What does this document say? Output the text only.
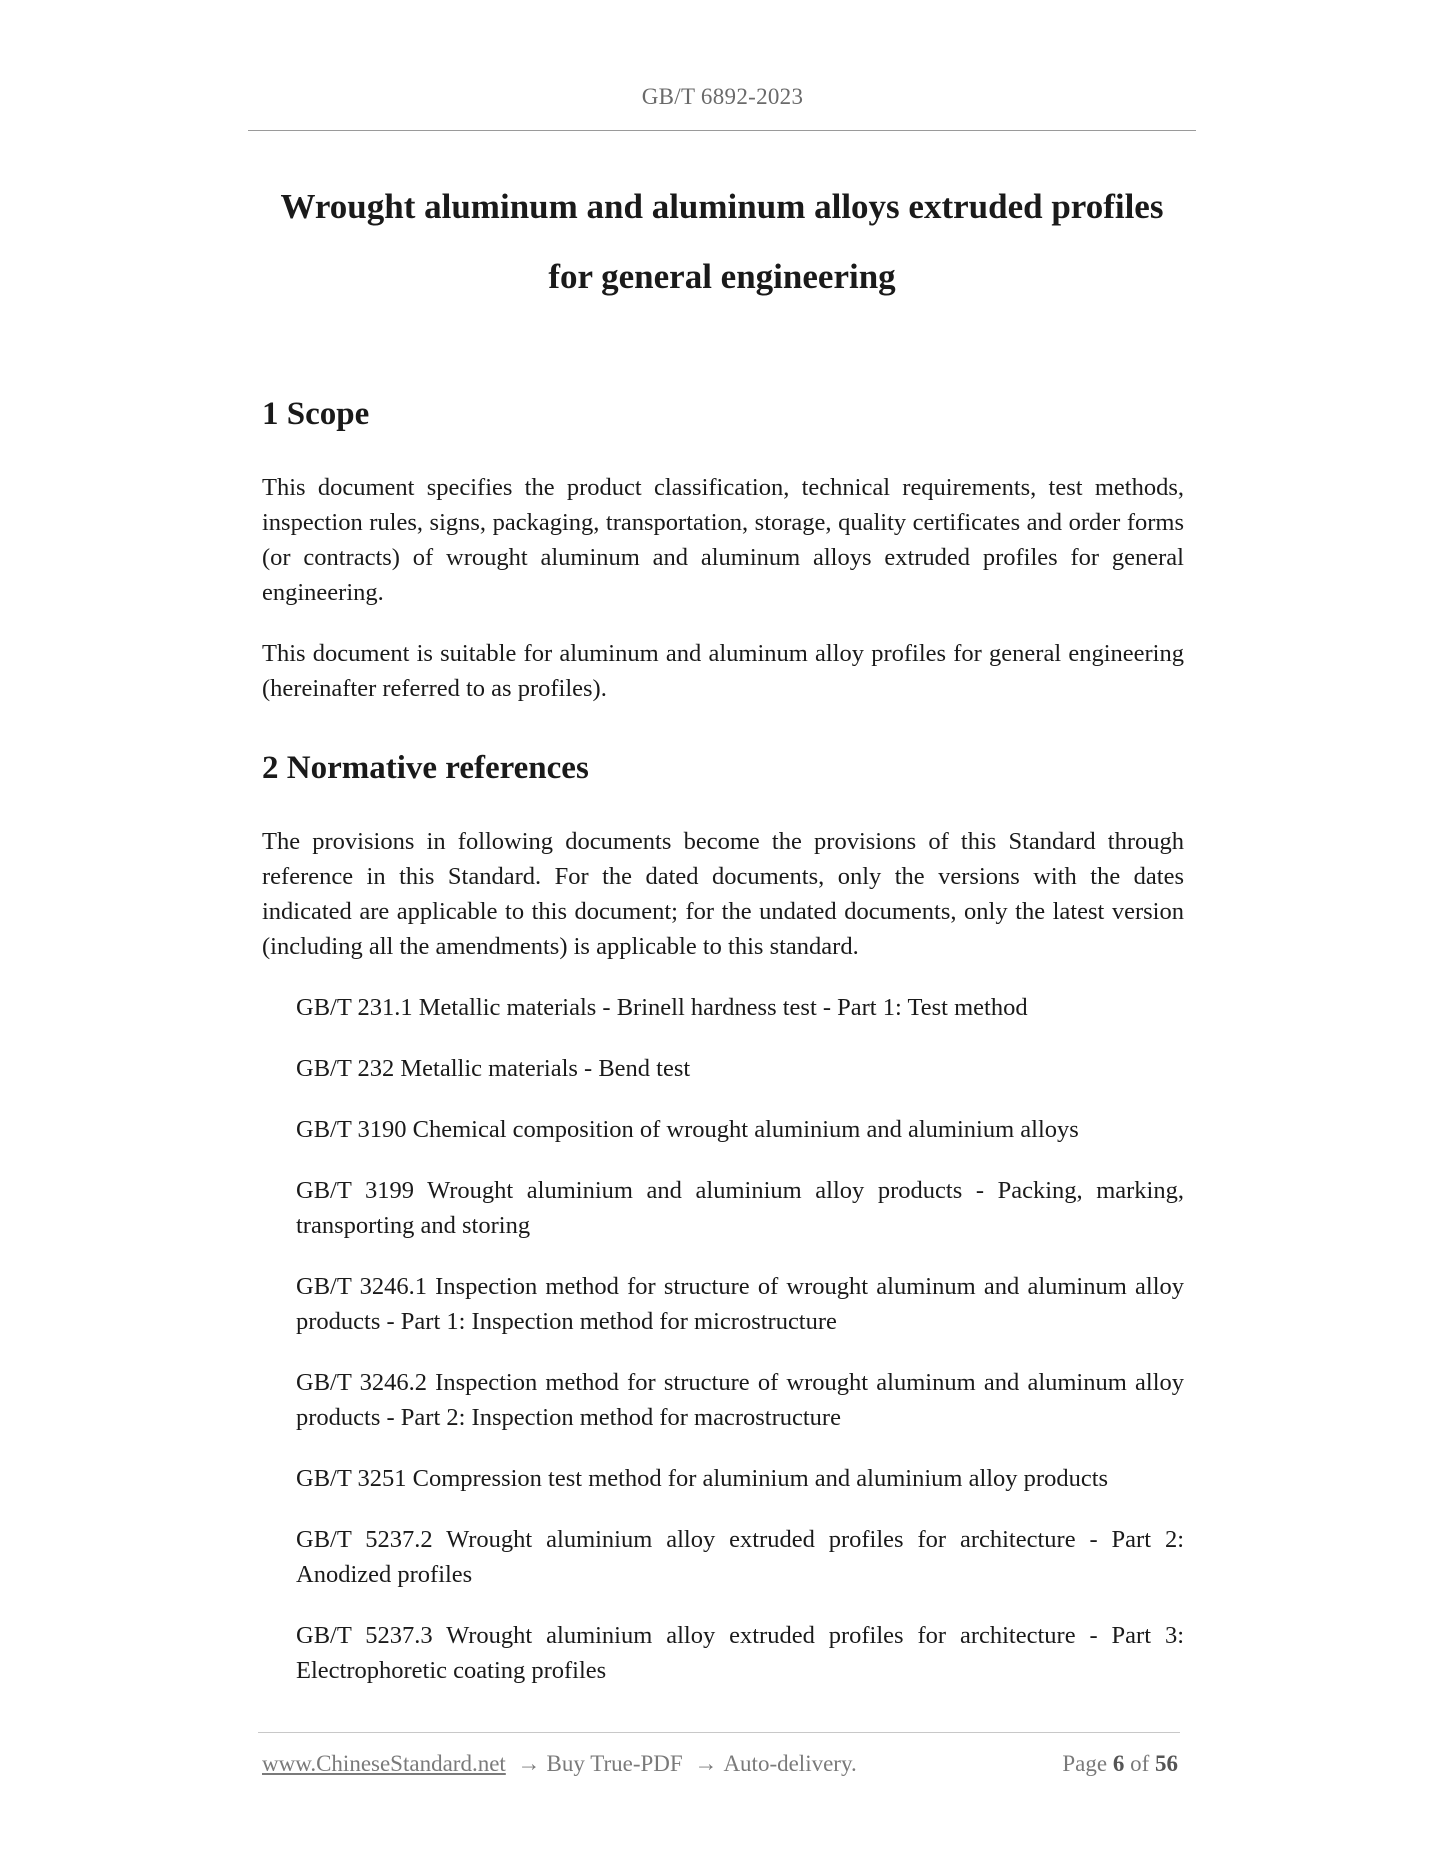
GB/T 6892-2023
Wrought aluminum and aluminum alloys extruded profiles
for general engineering
1 Scope

This document specifies the product classification, technical requirements, test methods, inspection rules, signs, packaging, transportation, storage, quality certificates and order forms (or contracts) of wrought aluminum and aluminum alloys extruded profiles for general engineering.

This document is suitable for aluminum and aluminum alloy profiles for general engineering (hereinafter referred to as profiles).

2 Normative references

The provisions in following documents become the provisions of this Standard through reference in this Standard. For the dated documents, only the versions with the dates indicated are applicable to this document; for the undated documents, only the latest version (including all the amendments) is applicable to this standard.

GB/T 231.1 Metallic materials - Brinell hardness test - Part 1: Test method
GB/T 232 Metallic materials - Bend test
GB/T 3190 Chemical composition of wrought aluminium and aluminium alloys
GB/T 3199 Wrought aluminium and aluminium alloy products - Packing, marking, transporting and storing
GB/T 3246.1 Inspection method for structure of wrought aluminum and aluminum alloy products - Part 1: Inspection method for microstructure
GB/T 3246.2 Inspection method for structure of wrought aluminum and aluminum alloy products - Part 2: Inspection method for macrostructure
GB/T 3251 Compression test method for aluminium and aluminium alloy products
GB/T 5237.2 Wrought aluminium alloy extruded profiles for architecture - Part 2: Anodized profiles
GB/T 5237.3 Wrought aluminium alloy extruded profiles for architecture - Part 3: Electrophoretic coating profiles
www.ChineseStandard.net → Buy True-PDF → Auto-delivery.	Page 6 of 56
